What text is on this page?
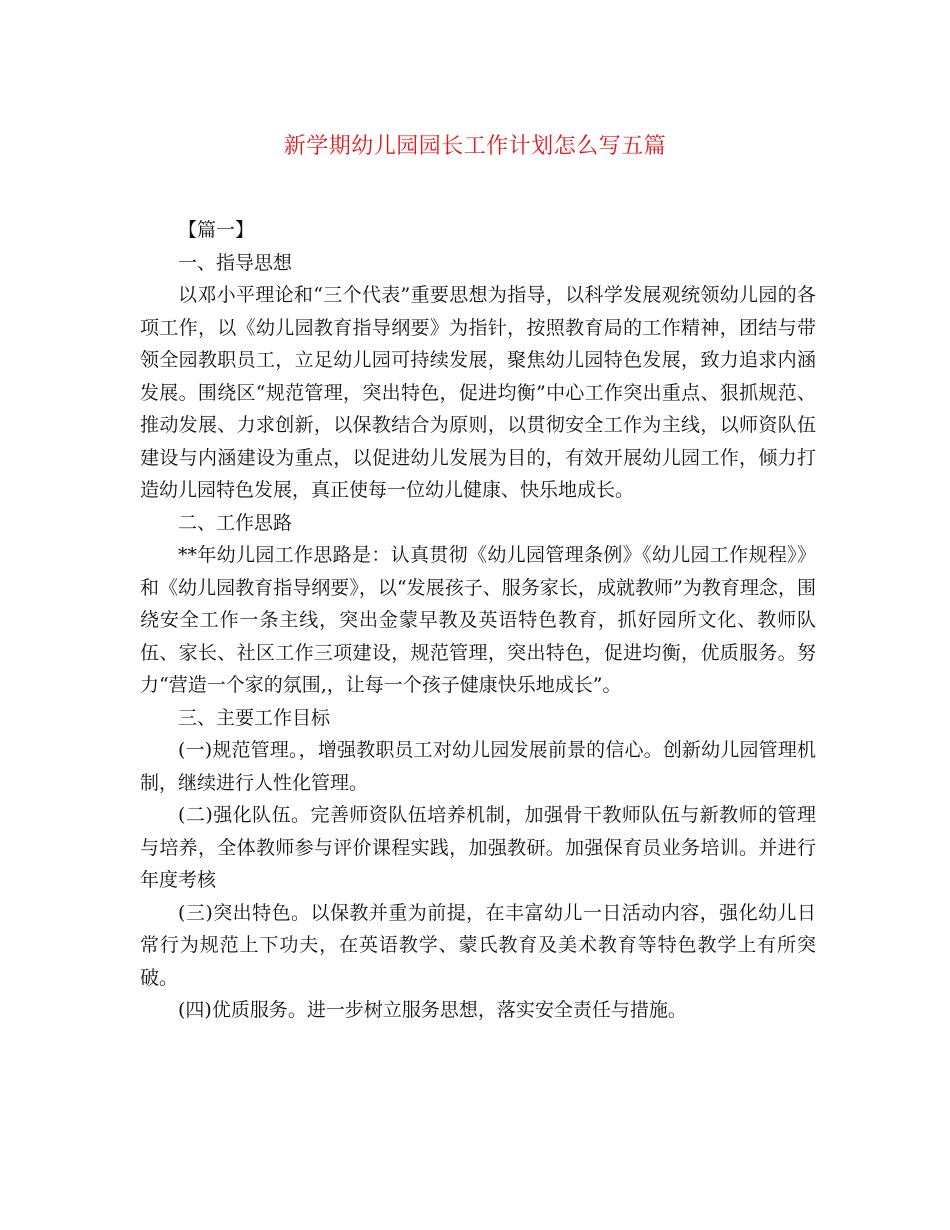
新学期幼儿园园长工作计划怎么写五篇

【篇一】

一、指导思想

以邓小平理论和“三个代表”重要思想为指导，以科学发展观统领幼儿园的各项工作，以《幼儿园教育指导纲要》为指针，按照教育局的工作精神，团结与带领全园教职员工，立足幼儿园可持续发展，聚焦幼儿园特色发展，致力追求内涵发展。围绕区“规范管理，突出特色，促进均衡”中心工作突出重点、狠抓规范、推动发展、力求创新，以保教结合为原则，以贯彻安全工作为主线，以师资队伍建设与内涵建设为重点，以促进幼儿发展为目的，有效开展幼儿园工作，倾力打造幼儿园特色发展，真正使每一位幼儿健康、快乐地成长。

二、工作思路

**年幼儿园工作思路是：认真贯彻《幼儿园管理条例》《幼儿园工作规程》》和《幼儿园教育指导纲要》，以“发展孩子、服务家长，成就教师”为教育理念，围绕安全工作一条主线，突出金蒙早教及英语特色教育，抓好园所文化、教师队伍、家长、社区工作三项建设，规范管理，突出特色，促进均衡，优质服务。努力“营造一个家的氛围,，让每一个孩子健康快乐地成长”。

三、主要工作目标

(一)规范管理。，增强教职员工对幼儿园发展前景的信心。创新幼儿园管理机制，继续进行人性化管理。

(二)强化队伍。完善师资队伍培养机制，加强骨干教师队伍与新教师的管理与培养，全体教师参与评价课程实践，加强教研。加强保育员业务培训。并进行年度考核

(三)突出特色。以保教并重为前提，在丰富幼儿一日活动内容，强化幼儿日常行为规范上下功夫，在英语教学、蒙氏教育及美术教育等特色教学上有所突破。

(四)优质服务。进一步树立服务思想，落实安全责任与措施。
